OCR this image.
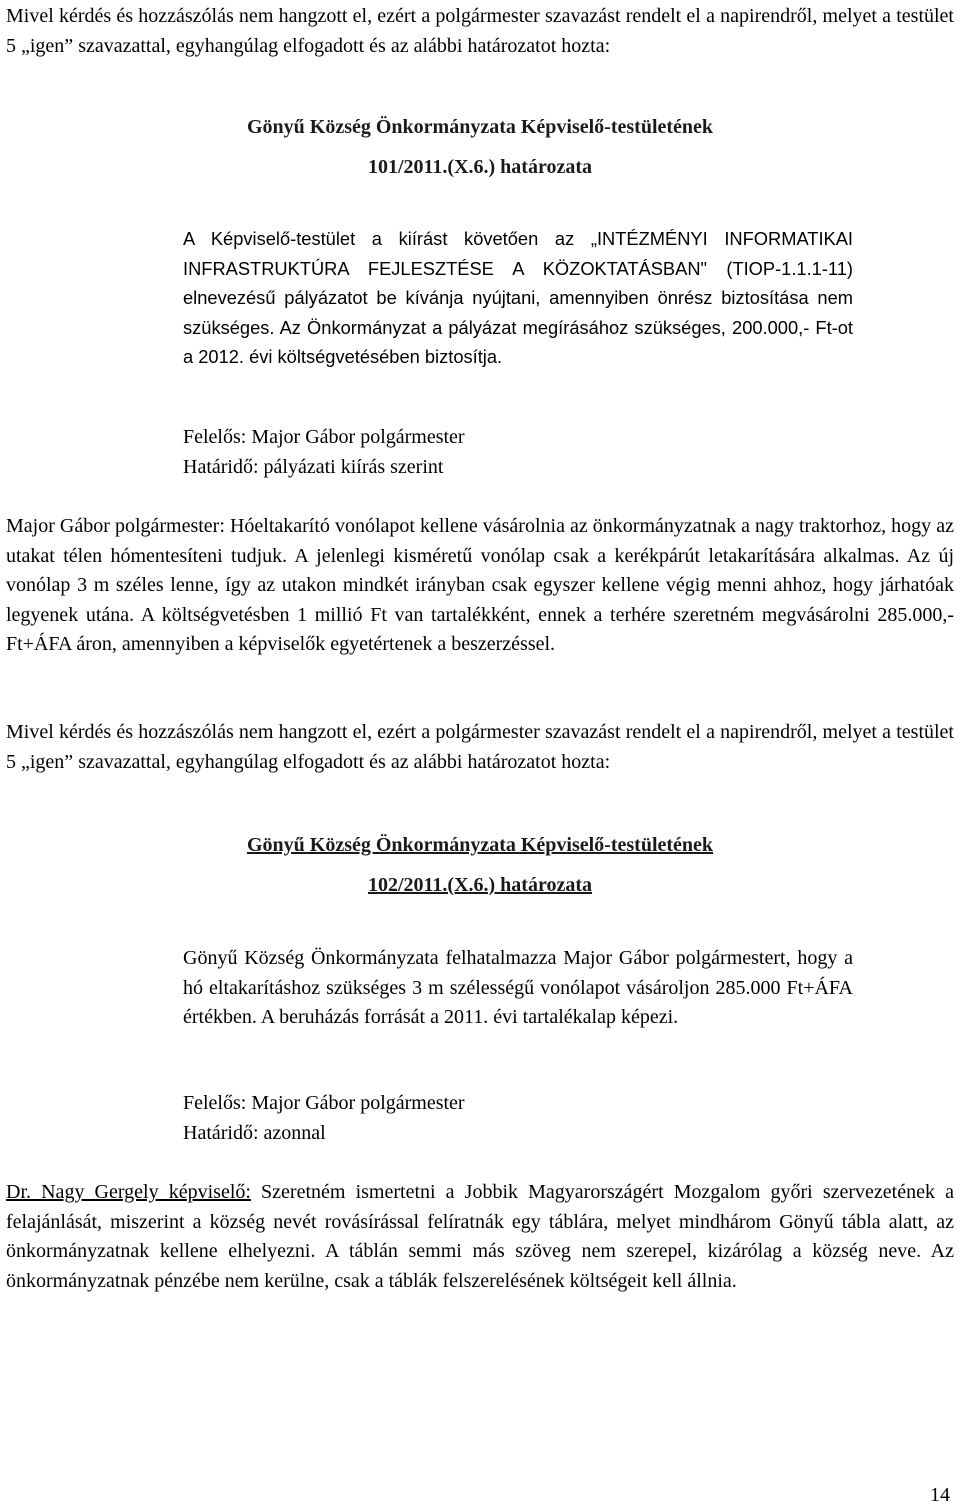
Mivel kérdés és hozzászólás nem hangzott el, ezért a polgármester szavazást rendelt el a napirendről, melyet a testület 5 „igen” szavazattal, egyhangúlag elfogadott és az alábbi határozatot hozta:
Gönyű Község Önkormányzata Képviselő-testületének
101/2011.(X.6.) határozata
A Képviselő-testület a kiírást követően az „INTÉZMÉNYI INFORMATIKAI INFRASTRUKTÚRA FEJLESZTÉSE A KÖZOKTATÁSBAN" (TIOP-1.1.1-11) elnevezésű pályázatot be kívánja nyújtani, amennyiben önrész biztosítása nem szükséges. Az Önkormányzat a pályázat megírásához szükséges, 200.000,- Ft-ot a 2012. évi költségvetésében biztosítja.
Felelős: Major Gábor polgármester
Határidő: pályázati kiírás szerint
Major Gábor polgármester: Hóeltakarító vonólapot kellene vásárolnia az önkormányzatnak a nagy traktorhoz, hogy az utakat télen hómentesíteni tudjuk. A jelenlegi kisméretű vonólap csak a kerékpárút letakarítására alkalmas. Az új vonólap 3 m széles lenne, így az utakon mindkét irányban csak egyszer kellene végig menni ahhoz, hogy járhatóak legyenek utána. A költségvetésben 1 millió Ft van tartalékként, ennek a terhére szeretném megvásárolni 285.000,- Ft+ÁFA áron, amennyiben a képviselők egyetértenek a beszerzéssel.
Mivel kérdés és hozzászólás nem hangzott el, ezért a polgármester szavazást rendelt el a napirendről, melyet a testület 5 „igen” szavazattal, egyhangúlag elfogadott és az alábbi határozatot hozta:
Gönyű Község Önkormányzata Képviselő-testületének
102/2011.(X.6.) határozata
Gönyű Község Önkormányzata felhatalmazza Major Gábor polgármestert, hogy a hó eltakarításhoz szükséges 3 m szélességű vonólapot vásároljon 285.000 Ft+ÁFA értékben. A beruházás forrását a 2011. évi tartalékalap képezi.
Felelős: Major Gábor polgármester
Határidő: azonnal
Dr. Nagy Gergely képviselő: Szeretném ismertetni a Jobbik Magyarországért Mozgalom győri szervezetének a felajánlását, miszerint a község nevét rovásírással felíratnák egy táblára, melyet mindhárom Gönyű tábla alatt, az önkormányzatnak kellene elhelyezni. A táblán semmi más szöveg nem szerepel, kizárólag a község neve. Az önkormányzatnak pénzébe nem kerülne, csak a táblák felszerelésének költségeit kell állnia.
14
